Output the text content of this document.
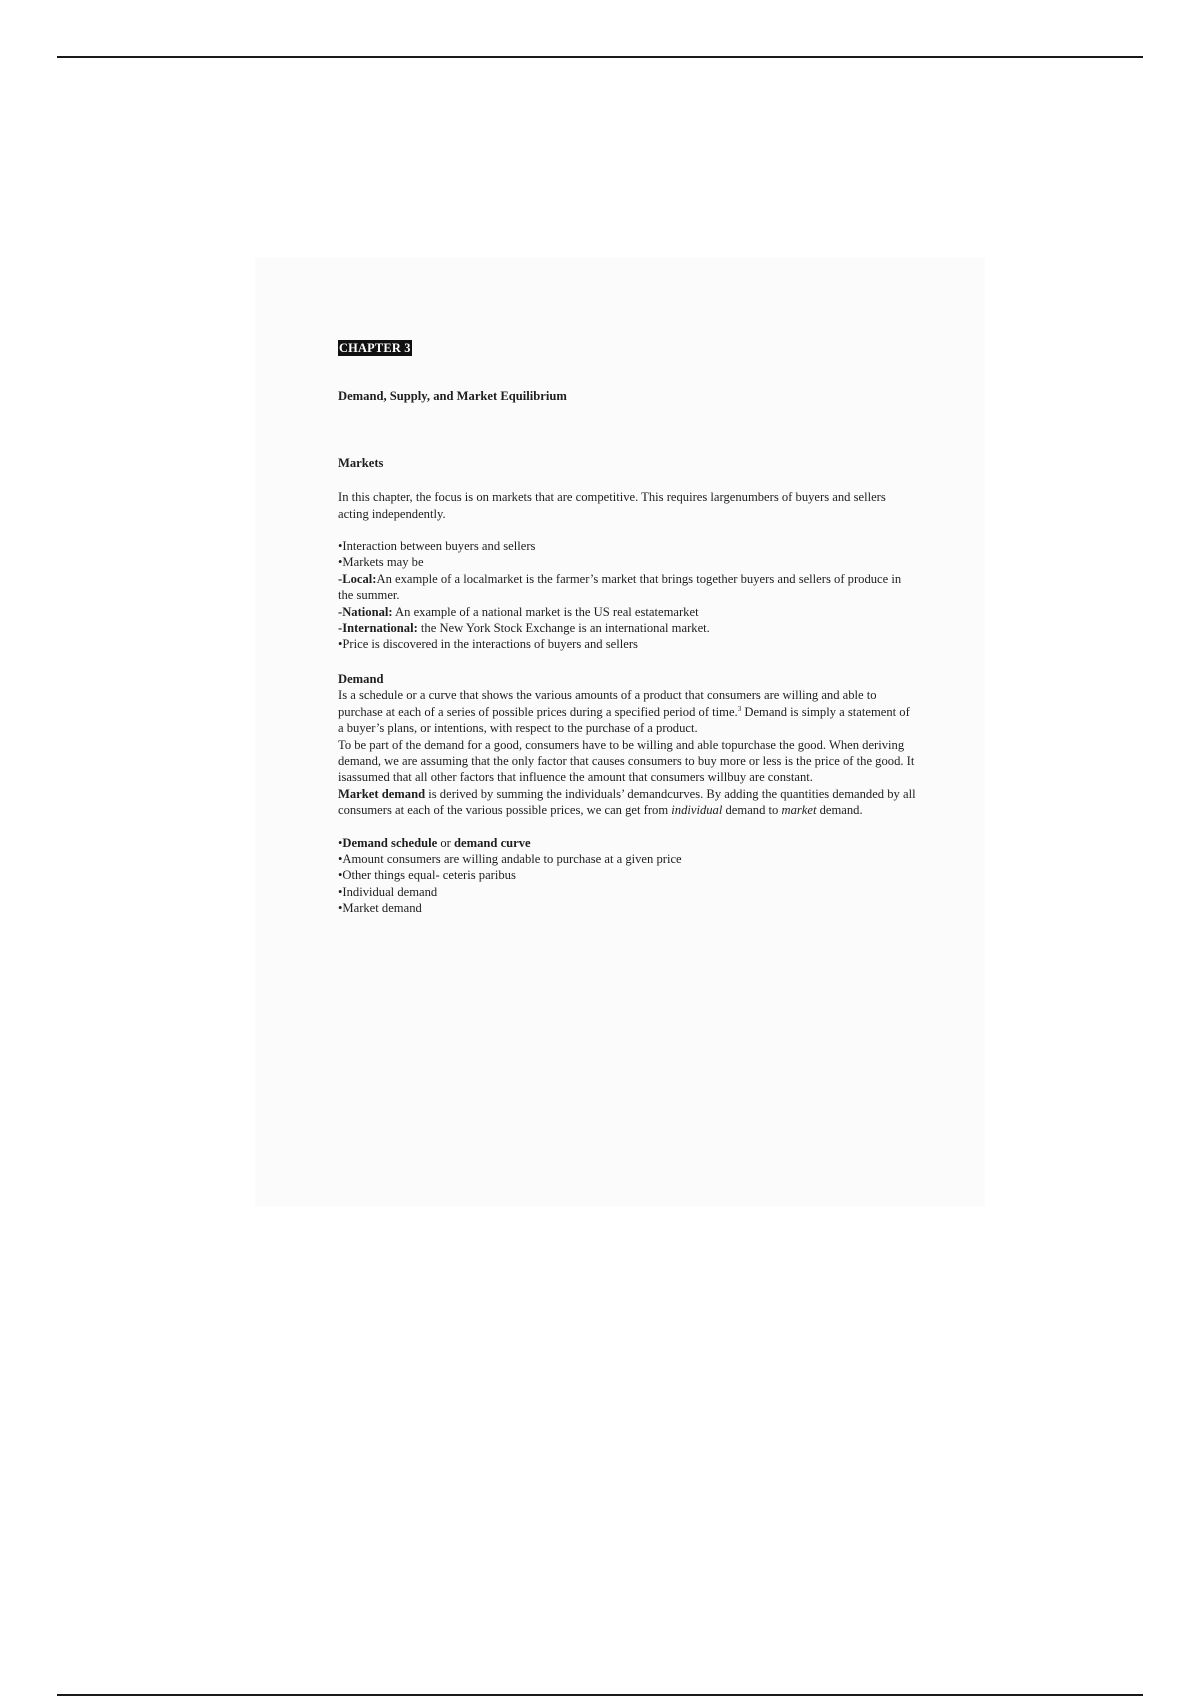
CHAPTER 3

Demand, Supply, and Market Equilibrium

Markets

In this chapter, the focus is on markets that are competitive. This requires largenumbers of buyers and sellers acting independently.

•Interaction between buyers and sellers

•Markets may be

-Local:An example of a localmarket is the farmer’s market that brings together buyers and sellers of produce in the summer.

-National: An example of a national market is the US real estatemarket

-International: the New York Stock Exchange is an international market.

•Price is discovered in the interactions of buyers and sellers

Demand

Is a schedule or a curve that shows the various amounts of a product that consumers are willing and able to purchase at each of a series of possible prices during a specified period of time.$^3$ Demand is simply a statement of a buyer’s plans, or intentions, with respect to the purchase of a product.

To be part of the demand for a good, consumers have to be willing and able topurchase the good. When deriving demand, we are assuming that the only factor that causes consumers to buy more or less is the price of the good. It isassumed that all other factors that influence the amount that consumers willbuy are constant.

Market demand is derived by summing the individuals’ demandcurves. By adding the quantities demanded by all consumers at each of the various possible prices, we can get from individual demand to market demand.

•Demand schedule or demand curve

•Amount consumers are willing andable to purchase at a given price

•Other things equal- ceteris paribus

•Individual demand

•Market demand
